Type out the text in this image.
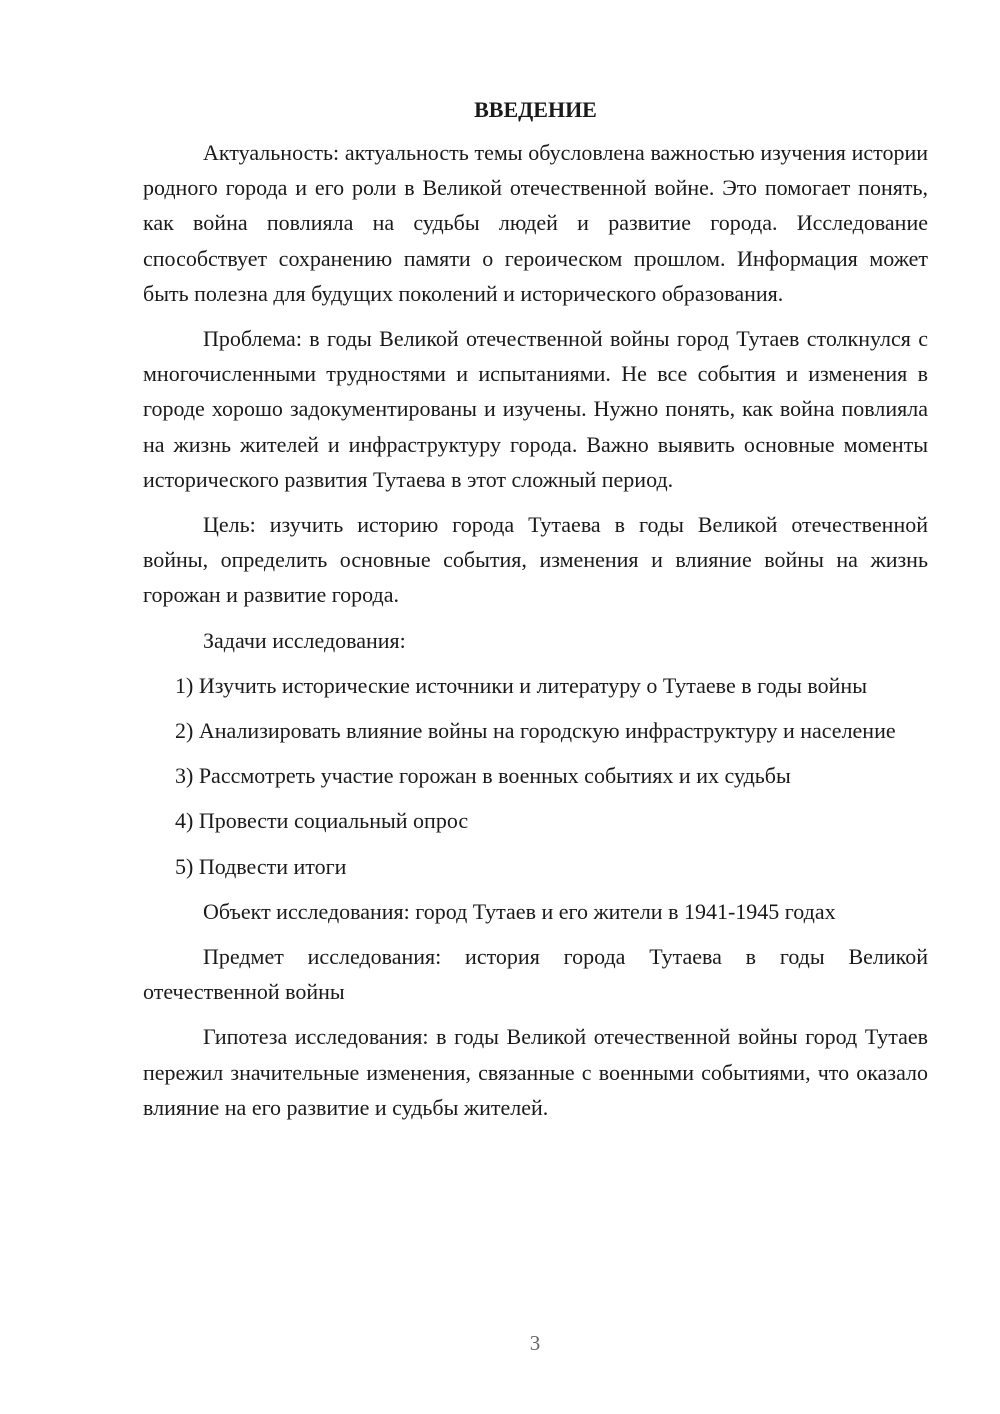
ВВЕДЕНИЕ

Актуальность: актуальность темы обусловлена важностью изучения истории родного города и его роли в Великой отечественной войне. Это помогает понять, как война повлияла на судьбы людей и развитие города. Исследование способствует сохранению памяти о героическом прошлом. Информация может быть полезна для будущих поколений и исторического образования.

Проблема: в годы Великой отечественной войны город Тутаев столкнулся с многочисленными трудностями и испытаниями. Не все события и изменения в городе хорошо задокументированы и изучены. Нужно понять, как война повлияла на жизнь жителей и инфраструктуру города. Важно выявить основные моменты исторического развития Тутаева в этот сложный период.

Цель: изучить историю города Тутаева в годы Великой отечественной войны, определить основные события, изменения и влияние войны на жизнь горожан и развитие города.

Задачи исследования:

1) Изучить исторические источники и литературу о Тутаеве в годы войны

2) Анализировать влияние войны на городскую инфраструктуру и население

3) Рассмотреть участие горожан в военных событиях и их судьбы

4) Провести социальный опрос

5) Подвести итоги

Объект исследования: город Тутаев и его жители в 1941-1945 годах

Предмет исследования: история города Тутаева в годы Великой отечественной войны

Гипотеза исследования: в годы Великой отечественной войны город Тутаев пережил значительные изменения, связанные с военными событиями, что оказало влияние на его развитие и судьбы жителей.

3
